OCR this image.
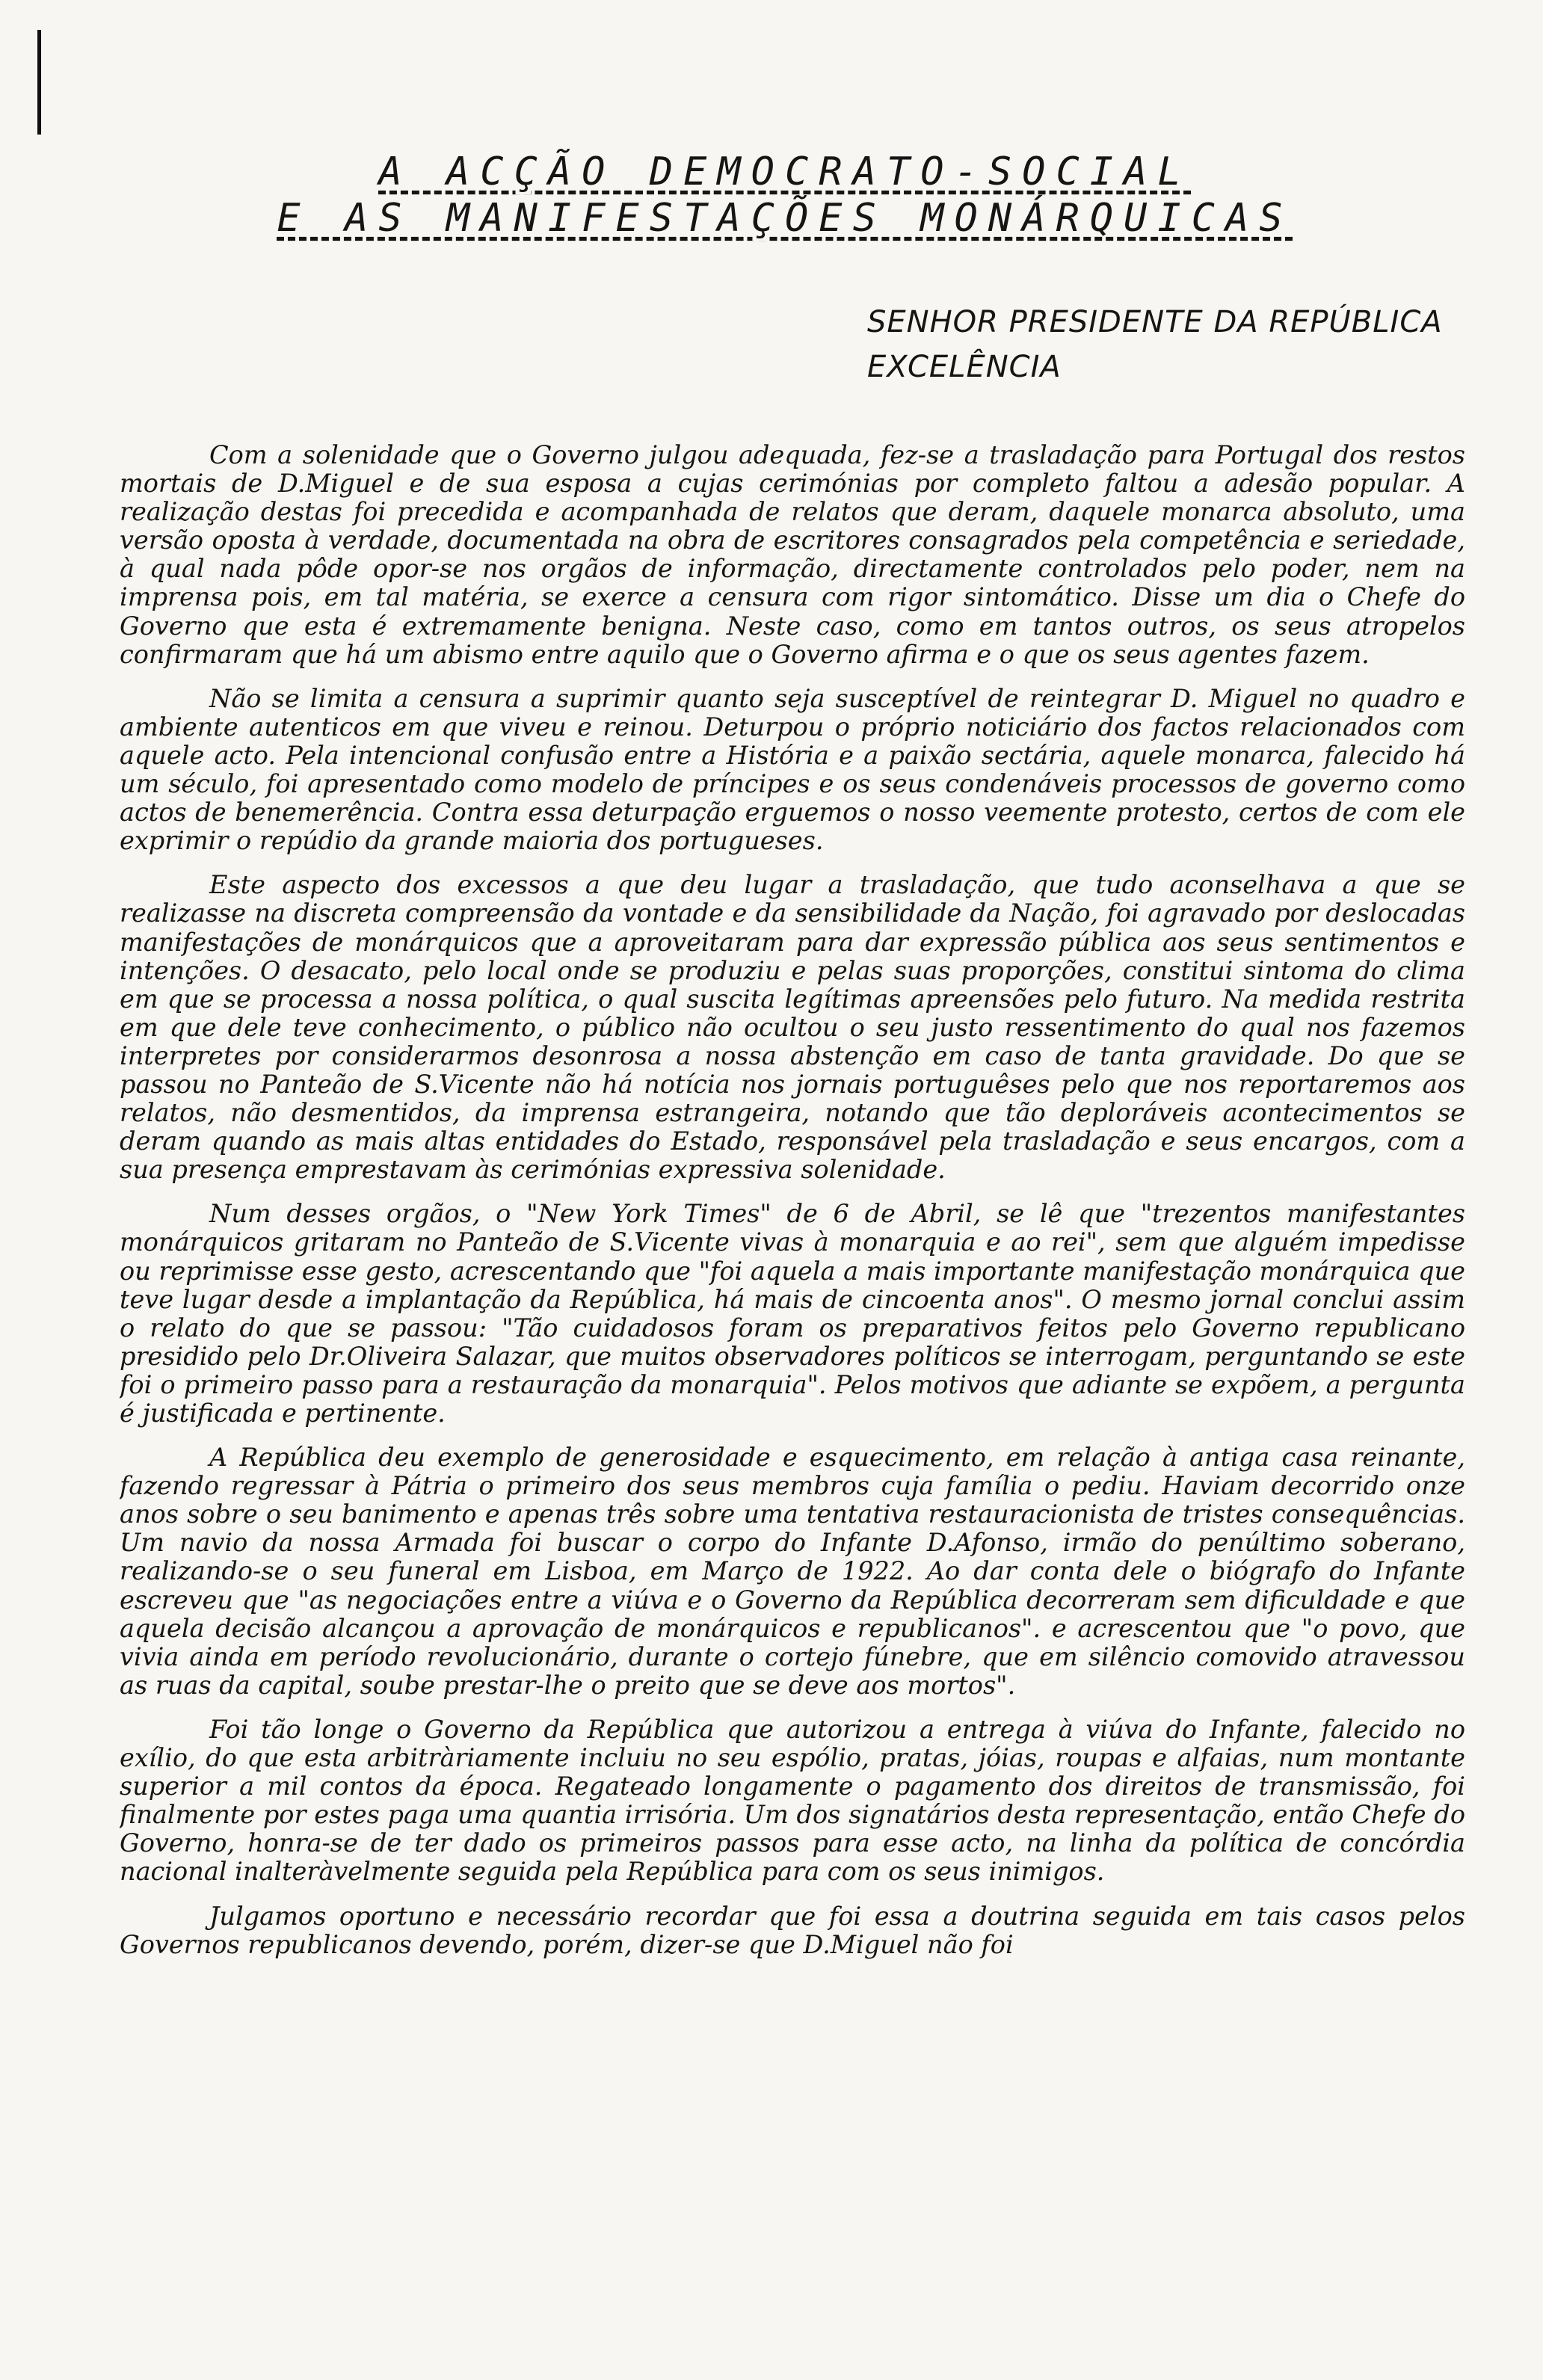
A ACÇÃO DEMOCRATO-SOCIAL
E AS MANIFESTAÇÕES MONÁRQUICAS
SENHOR PRESIDENTE DA REPÚBLICA
EXCELÊNCIA

Com a solenidade que o Governo julgou adequada, fez-se a trasladação para Portugal dos restos mortais de D.Miguel e de sua esposa a cujas cerimónias por completo faltou a adesão popular. A realização destas foi precedida e acompanhada de relatos que deram, daquele monarca absoluto, uma versão oposta à verdade, documentada na obra de escritores consagrados pela competência e seriedade, à qual nada pôde opor-se nos orgãos de informação, directamente controlados pelo poder, nem na imprensa pois, em tal matéria, se exerce a censura com rigor sintomático. Disse um dia o Chefe do Governo que esta é extremamente benigna. Neste caso, como em tantos outros, os seus atropelos confirmaram que há um abismo entre aquilo que o Governo afirma e o que os seus agentes fazem.

Não se limita a censura a suprimir quanto seja susceptível de reintegrar D. Miguel no quadro e ambiente autenticos em que viveu e reinou. Deturpou o próprio noticiário dos factos relacionados com aquele acto. Pela intencional confusão entre a História e a paixão sectária, aquele monarca, falecido há um século, foi apresentado como modelo de príncipes e os seus condenáveis processos de governo como actos de benemerência. Contra essa deturpação erguemos o nosso veemente protesto, certos de com ele exprimir o repúdio da grande maioria dos portugueses.

Este aspecto dos excessos a que deu lugar a trasladação, que tudo aconselhava a que se realizasse na discreta compreensão da vontade e da sensibilidade da Nação, foi agravado por deslocadas manifestações de monárquicos que a aproveitaram para dar expressão pública aos seus sentimentos e intenções. O desacato, pelo local onde se produziu e pelas suas proporções, constitui sintoma do clima em que se processa a nossa política, o qual suscita legítimas apreensões pelo futuro. Na medida restrita em que dele teve conhecimento, o público não ocultou o seu justo ressentimento do qual nos fazemos interpretes por considerarmos desonrosa a nossa abstenção em caso de tanta gravidade. Do que se passou no Panteão de S.Vicente não há notícia nos jornais portuguêses pelo que nos reportaremos aos relatos, não desmentidos, da imprensa estrangeira, notando que tão deploráveis acontecimentos se deram quando as mais altas entidades do Estado, responsável pela trasladação e seus encargos, com a sua presença emprestavam às cerimónias expressiva solenidade.

Num desses orgãos, o "New York Times" de 6 de Abril, se lê que "trezentos manifestantes monárquicos gritaram no Panteão de S.Vicente vivas à monarquia e ao rei", sem que alguém impedisse ou reprimisse esse gesto, acrescentando que "foi aquela a mais importante manifestação monárquica que teve lugar desde a implantação da República, há mais de cincoenta anos". O mesmo jornal conclui assim o relato do que se passou: "Tão cuidadosos foram os preparativos feitos pelo Governo republicano presidido pelo Dr.Oliveira Salazar, que muitos observadores políticos se interrogam, perguntando se este foi o primeiro passo para a restauração da monarquia". Pelos motivos que adiante se expõem, a pergunta é justificada e pertinente.

A República deu exemplo de generosidade e esquecimento, em relação à antiga casa reinante, fazendo regressar à Pátria o primeiro dos seus membros cuja família o pediu. Haviam decorrido onze anos sobre o seu banimento e apenas três sobre uma tentativa restauracionista de tristes consequências. Um navio da nossa Armada foi buscar o corpo do Infante D.Afonso, irmão do penúltimo soberano, realizando-se o seu funeral em Lisboa, em Março de 1922. Ao dar conta dele o biógrafo do Infante escreveu que "as negociações entre a viúva e o Governo da República decorreram sem dificuldade e que aquela decisão alcançou a aprovação de monárquicos e republicanos". e acrescentou que "o povo, que vivia ainda em período revolucionário, durante o cortejo fúnebre, que em silêncio comovido atravessou as ruas da capital, soube prestar-lhe o preito que se deve aos mortos".

Foi tão longe o Governo da República que autorizou a entrega à viúva do Infante, falecido no exílio, do que esta arbitràriamente incluiu no seu espólio, pratas, jóias, roupas e alfaias, num montante superior a mil contos da época. Regateado longamente o pagamento dos direitos de transmissão, foi finalmente por estes paga uma quantia irrisória. Um dos signatários desta representação, então Chefe do Governo, honra-se de ter dado os primeiros passos para esse acto, na linha da política de concórdia nacional inalteràvelmente seguida pela República para com os seus inimigos.

Julgamos oportuno e necessário recordar que foi essa a doutrina seguida em tais casos pelos Governos republicanos devendo, porém, dizer-se que D.Miguel não foi
